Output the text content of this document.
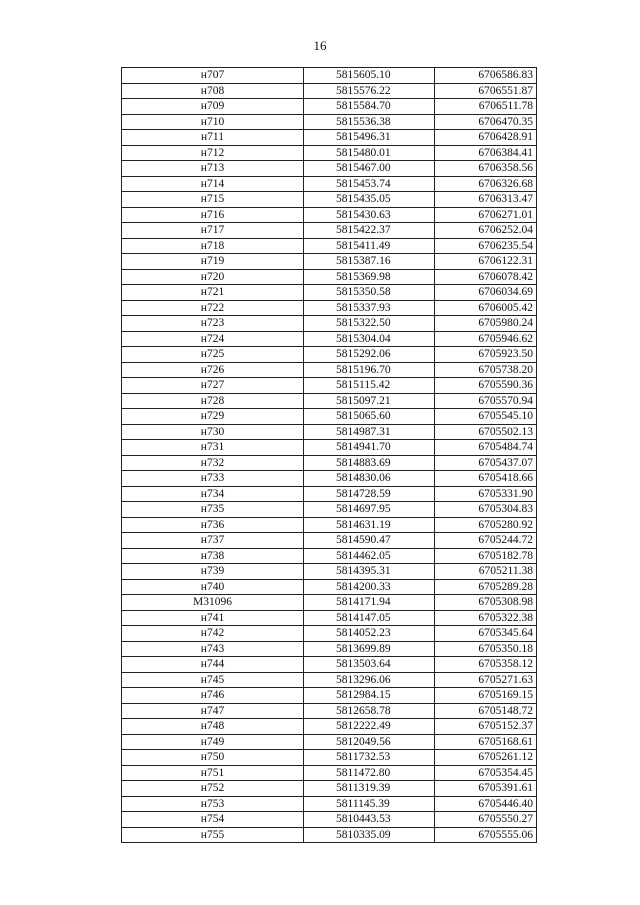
16
н707	5815605.10	6706586.83
н708	5815576.22	6706551.87
н709	5815584.70	6706511.78
н710	5815536.38	6706470.35
н711	5815496.31	6706428.91
н712	5815480.01	6706384.41
н713	5815467.00	6706358.56
н714	5815453.74	6706326.68
н715	5815435.05	6706313.47
н716	5815430.63	6706271.01
н717	5815422.37	6706252.04
н718	5815411.49	6706235.54
н719	5815387.16	6706122.31
н720	5815369.98	6706078.42
н721	5815350.58	6706034.69
н722	5815337.93	6706005.42
н723	5815322.50	6705980.24
н724	5815304.04	6705946.62
н725	5815292.06	6705923.50
н726	5815196.70	6705738.20
н727	5815115.42	6705590.36
н728	5815097.21	6705570.94
н729	5815065.60	6705545.10
н730	5814987.31	6705502.13
н731	5814941.70	6705484.74
н732	5814883.69	6705437.07
н733	5814830.06	6705418.66
н734	5814728.59	6705331.90
н735	5814697.95	6705304.83
н736	5814631.19	6705280.92
н737	5814590.47	6705244.72
н738	5814462.05	6705182.78
н739	5814395.31	6705211.38
н740	5814200.33	6705289.28
М31096	5814171.94	6705308.98
н741	5814147.05	6705322.38
н742	5814052.23	6705345.64
н743	5813699.89	6705350.18
н744	5813503.64	6705358.12
н745	5813296.06	6705271.63
н746	5812984.15	6705169.15
н747	5812658.78	6705148.72
н748	5812222.49	6705152.37
н749	5812049.56	6705168.61
н750	5811732.53	6705261.12
н751	5811472.80	6705354.45
н752	5811319.39	6705391.61
н753	5811145.39	6705446.40
н754	5810443.53	6705550.27
н755	5810335.09	6705555.06
